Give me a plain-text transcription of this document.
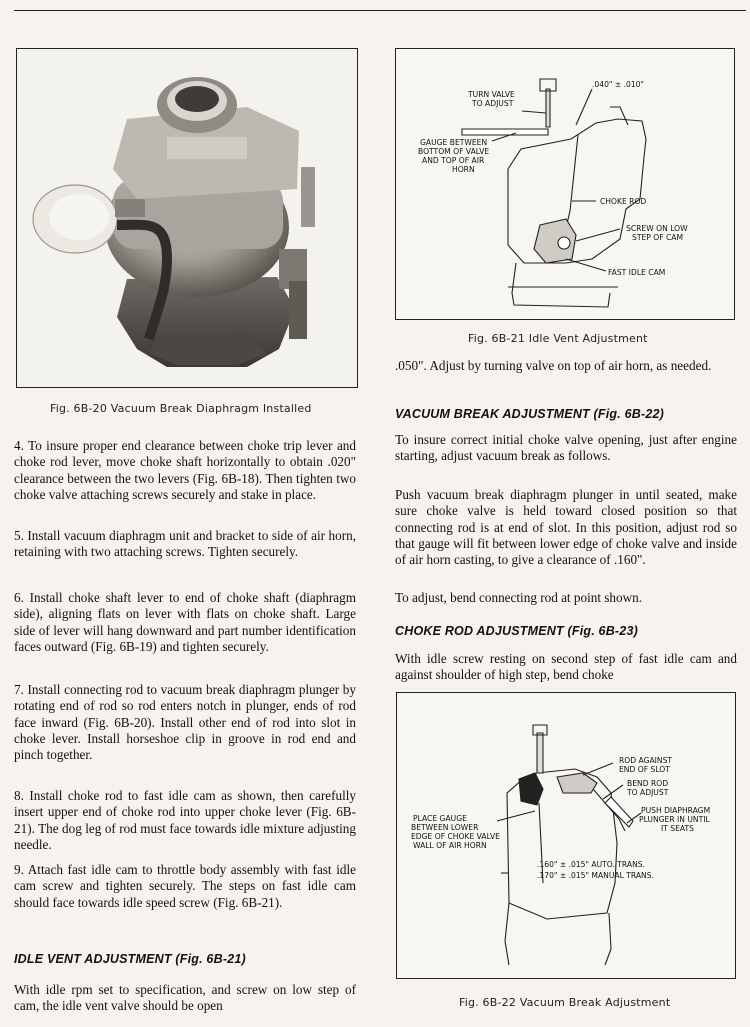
Fig. 6B-20 Vacuum Break Diaphragm Installed
TURN VALVE
TO ADJUST
.040" ± .010"
GAUGE BETWEEN
BOTTOM OF VALVE
AND TOP OF AIR
HORN
CHOKE ROD
SCREW ON LOW
STEP OF CAM
FAST IDLE CAM
Fig. 6B-21 Idle Vent Adjustment

4. To insure proper end clearance between choke trip lever and choke rod lever, move choke shaft horizontally to obtain .020" clearance between the two levers (Fig. 6B-18). Then tighten two choke valve attaching screws securely and stake in place.

5. Install vacuum diaphragm unit and bracket to side of air horn, retaining with two attaching screws. Tighten securely.

6. Install choke shaft lever to end of choke shaft (diaphragm side), aligning flats on lever with flats on choke shaft. Large side of lever will hang downward and part number identification faces outward (Fig. 6B-19) and tighten securely.

7. Install connecting rod to vacuum break diaphragm plunger by rotating end of rod so rod enters notch in plunger, ends of rod face inward (Fig. 6B-20). Install other end of rod into slot in choke lever. Install horseshoe clip in groove in rod end and pinch together.

8. Install choke rod to fast idle cam as shown, then carefully insert upper end of choke rod into upper choke lever (Fig. 6B-21). The dog leg of rod must face towards idle mixture adjusting needle.

9. Attach fast idle cam to throttle body assembly with fast idle cam screw and tighten securely. The steps on fast idle cam should face towards idle speed screw (Fig. 6B-21).

IDLE VENT ADJUSTMENT (Fig. 6B-21)

With idle rpm set to specification, and screw on low step of cam, the idle vent valve should be open

.050". Adjust by turning valve on top of air horn, as needed.

VACUUM BREAK ADJUSTMENT (Fig. 6B-22)

To insure correct initial choke valve opening, just after engine starting, adjust vacuum break as follows.

Push vacuum break diaphragm plunger in until seated, make sure choke valve is held toward closed position so that connecting rod is at end of slot. In this position, adjust rod so that gauge will fit between lower edge of choke valve and inside of air horn casting, to give a clearance of .160".

To adjust, bend connecting rod at point shown.

CHOKE ROD ADJUSTMENT (Fig. 6B-23)

With idle screw resting on second step of fast idle cam and against shoulder of high step, bend choke

ROD AGAINST
END OF SLOT
BEND ROD
TO ADJUST
PUSH DIAPHRAGM
PLUNGER IN UNTIL
IT SEATS
PLACE GAUGE
BETWEEN LOWER
EDGE OF CHOKE VALVE
WALL OF AIR HORN
.160" ± .015" AUTO. TRANS.
.170" ± .015" MANUAL TRANS.
Fig. 6B-22 Vacuum Break Adjustment
